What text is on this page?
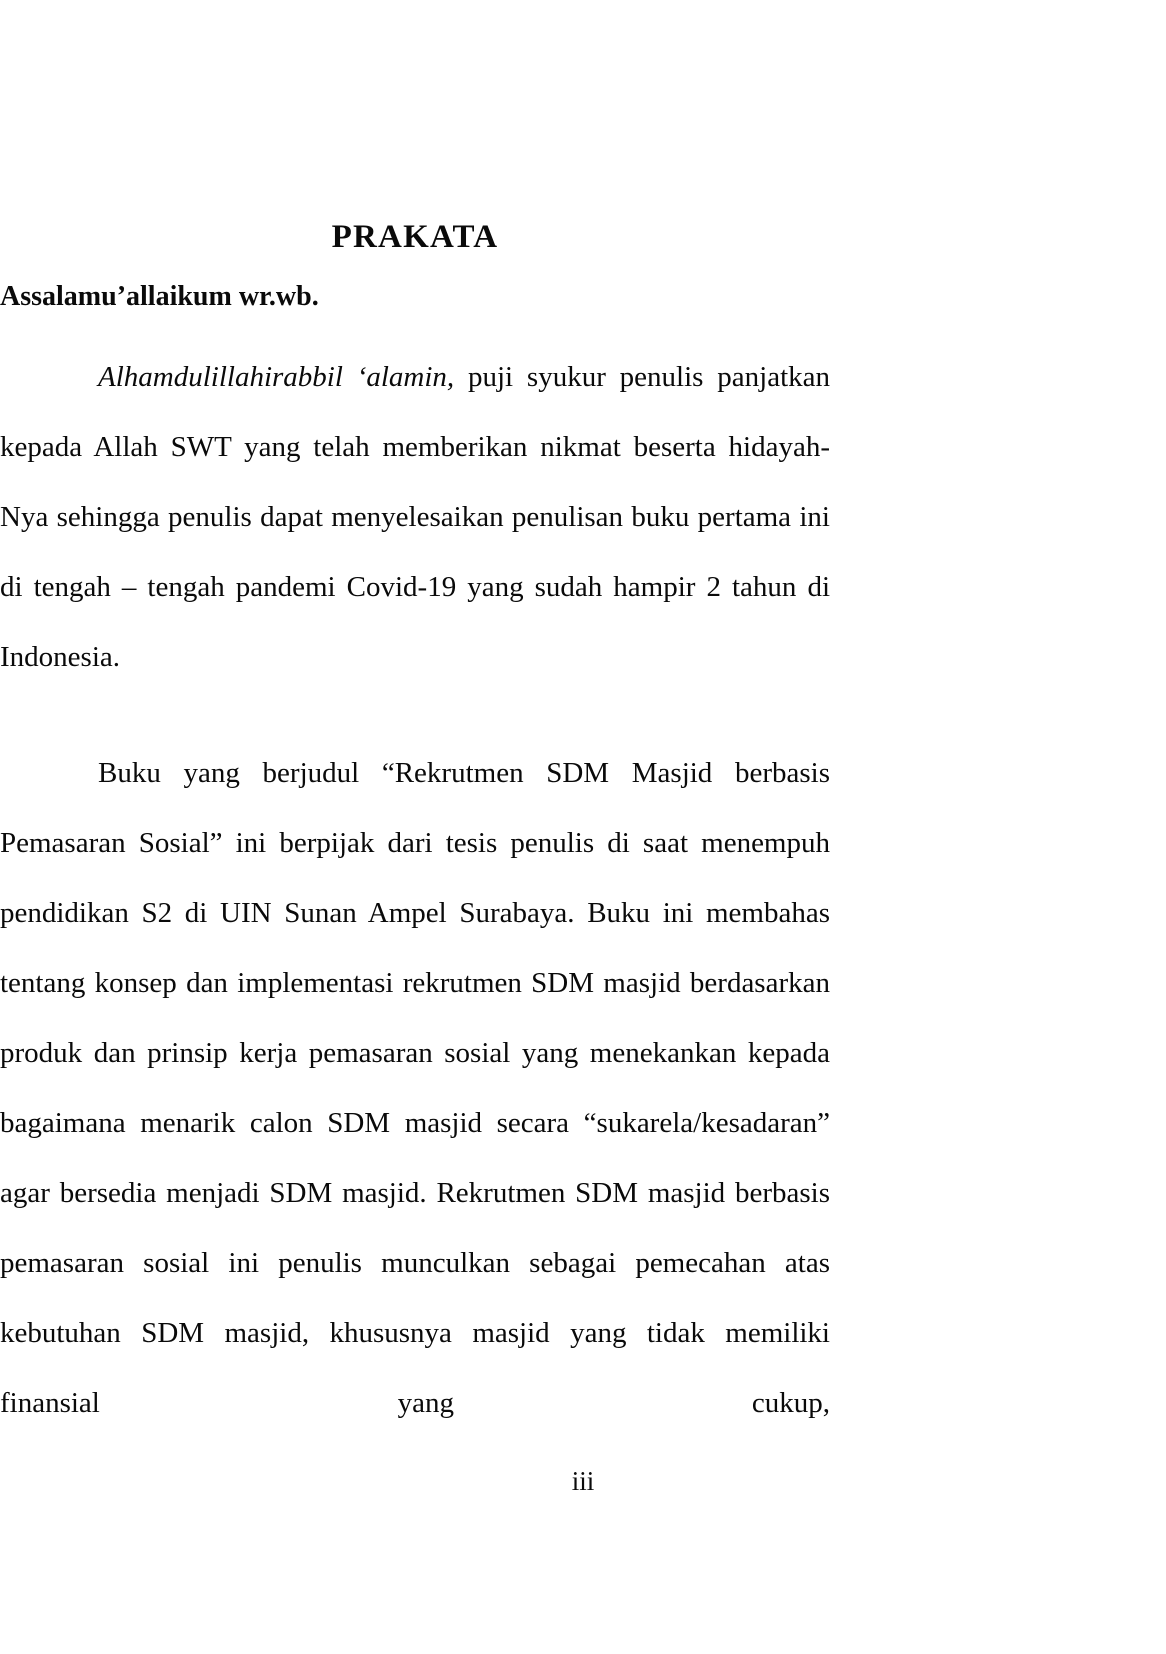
PRAKATA
Assalamu’allaikum wr.wb.

Alhamdulillahirabbil ‘alamin, puji syukur penulis panjatkan kepada Allah SWT yang telah memberikan nikmat beserta hidayah-Nya sehingga penulis dapat menyelesaikan penulisan buku pertama ini di tengah – tengah pandemi Covid-19 yang sudah hampir 2 tahun di Indonesia.

Buku yang berjudul “Rekrutmen SDM Masjid berbasis Pemasaran Sosial” ini berpijak dari tesis penulis di saat menempuh pendidikan S2 di UIN Sunan Ampel Surabaya. Buku ini membahas tentang konsep dan implementasi rekrutmen SDM masjid berdasarkan produk dan prinsip kerja pemasaran sosial yang menekankan kepada bagaimana menarik calon SDM masjid secara “sukarela/kesadaran” agar bersedia menjadi SDM masjid. Rekrutmen SDM masjid berbasis pemasaran sosial ini penulis munculkan sebagai pemecahan atas kebutuhan SDM masjid, khususnya masjid yang tidak memiliki finansial yang cukup,

iii
